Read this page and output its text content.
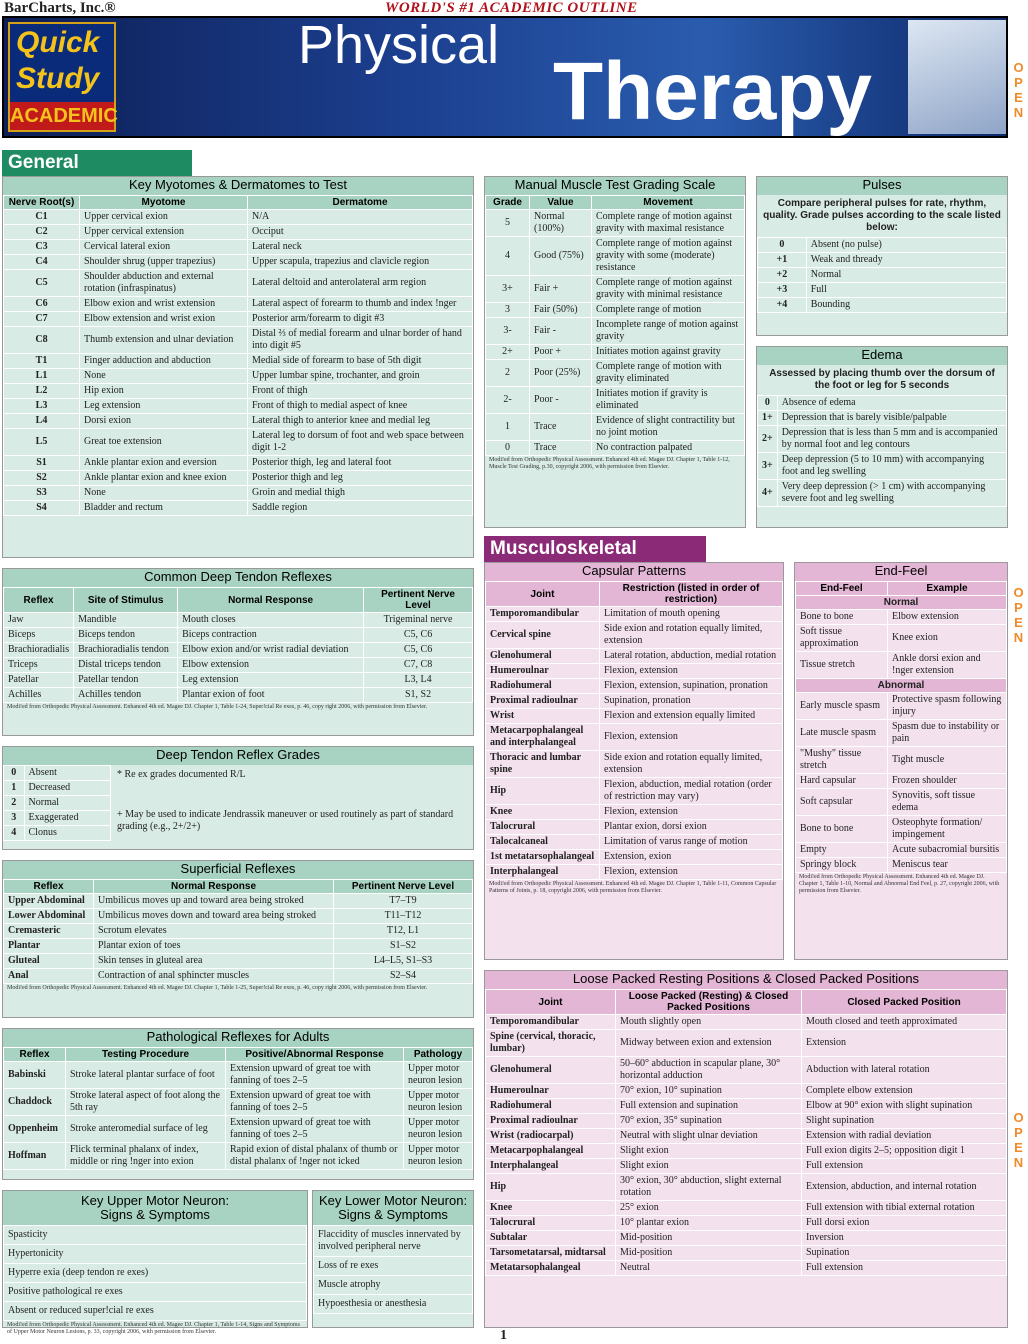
BarCharts, Inc.®	WORLD'S #1 ACADEMIC OUTLINE
Quick
Study
ACADEMIC
Physical
Therapy	OPEN
OPEN
OPEN
General
Musculoskeletal
Key Myotomes & Dermatomes to Test
Nerve Root(s)	Myotome	Dermatome
C1	Upper cervical exion	N/A
C2	Upper cervical extension	Occiput
C3	Cervical lateral exion	Lateral neck
C4	Shoulder shrug (upper trapezius)	Upper scapula, trapezius and clavicle region
C5	Shoulder abduction and external rotation (infraspinatus)	Lateral deltoid and anterolateral arm region
C6	Elbow exion and wrist extension	Lateral aspect of forearm to thumb and index !nger
C7	Elbow extension and wrist exion	Posterior arm/forearm to digit #3
C8	Thumb extension and ulnar deviation	Distal ⅔ of medial forearm and ulnar border of hand into digit #5
T1	Finger adduction and abduction	Medial side of forearm to base of 5th digit
L1	None	Upper lumbar spine, trochanter, and groin
L2	Hip exion	Front of thigh
L3	Leg extension	Front of thigh to medial aspect of knee
L4	Dorsi exion	Lateral thigh to anterior knee and medial leg
L5	Great toe extension	Lateral leg to dorsum of foot and web space between digit 1-2
S1	Ankle plantar exion and eversion	Posterior thigh, leg and lateral foot
S2	Ankle plantar exion and knee exion	Posterior thigh and leg
S3	None	Groin and medial thigh
S4	Bladder and rectum	Saddle region
Common Deep Tendon Reflexes
Reflex	Site of Stimulus	Normal Response	Pertinent Nerve Level
Jaw	Mandible	Mouth closes	Trigeminal nerve
Biceps	Biceps tendon	Biceps contraction	C5, C6
Brachioradialis	Brachioradialis tendon	Elbow exion and/or wrist radial deviation	C5, C6
Triceps	Distal triceps tendon	Elbow extension	C7, C8
Patellar	Patellar tendon	Leg extension	L3, L4
Achilles	Achilles tendon	Plantar exion of foot	S1, S2
Modi!ed from Orthopedic Physical Assessment. Enhanced 4th ed. Magee DJ. Chapter 1, Table 1-24, Super!cial Re exes, p. 46, copy right 2006, with permission from Elsevier.
Deep Tendon Reflex Grades
0	Absent
1	Decreased
2	Normal
3	Exaggerated
4	Clonus
* Re ex grades documented R/L
+ May be used to indicate Jendrassik maneuver or used routinely as part of standard grading (e.g., 2+/2+)
Superficial Reflexes
Reflex	Normal Response	Pertinent Nerve Level
Upper Abdominal	Umbilicus moves up and toward area being stroked	T7–T9
Lower Abdominal	Umbilicus moves down and toward area being stroked	T11–T12
Cremasteric	Scrotum elevates	T12, L1
Plantar	Plantar exion of toes	S1–S2
Gluteal	Skin tenses in gluteal area	L4–L5, S1–S3
Anal	Contraction of anal sphincter muscles	S2–S4
Modi!ed from Orthopedic Physical Assessment. Enhanced 4th ed. Magee DJ. Chapter 1, Table 1-25, Super!cial Re exes, p. 46, copy right 2006, with permission from Elsevier.
Pathological Reflexes for Adults
Reflex	Testing Procedure	Positive/Abnormal Response	Pathology
Babinski	Stroke lateral plantar surface of foot	Extension upward of great toe with fanning of toes 2–5	Upper motor neuron lesion
Chaddock	Stroke lateral aspect of foot along the 5th ray	Extension upward of great toe with fanning of toes 2–5	Upper motor neuron lesion
Oppenheim	Stroke anteromedial surface of leg	Extension upward of great toe with fanning of toes 2–5	Upper motor neuron lesion
Hoffman	Flick terminal phalanx of index, middle or ring !nger into exion	Rapid exion of distal phalanx of thumb or distal phalanx of !nger not icked	Upper motor neuron lesion
Key Upper Motor Neuron:
Signs & Symptoms
Spasticity
Hypertonicity
Hyperre exia (deep tendon re exes)
Positive pathological re exes
Absent or reduced super!cial re exes
Modi!ed from Orthopedic Physical Assessment. Enhanced 4th ed. Magee DJ. Chapter 1, Table 1-14, Signs and Symptoms of Upper Motor Neuron Lesions, p. 33, copyright 2006, with permission from Elsevier.
Key Lower Motor Neuron:
Signs & Symptoms
Flaccidity of muscles innervated by involved peripheral nerve
Loss of re exes
Muscle atrophy
Hypoesthesia or anesthesia
Manual Muscle Test Grading Scale
Grade	Value	Movement
5	Normal (100%)	Complete range of motion against gravity with maximal resistance
4	Good (75%)	Complete range of motion against gravity with some (moderate) resistance
3+	Fair +	Complete range of motion against gravity with minimal resistance
3	Fair (50%)	Complete range of motion
3-	Fair -	Incomplete range of motion against gravity
2+	Poor +	Initiates motion against gravity
2	Poor (25%)	Complete range of motion with gravity eliminated
2-	Poor -	Initiates motion if gravity is eliminated
1	Trace	Evidence of slight contractility but no joint motion
0	Trace	No contraction palpated
Modi!ed from Orthopedic Physical Assessment. Enhanced 4th ed. Magee DJ. Chapter 1, Table 1-12, Muscle Test Grading, p.30, copyright 2006, with permission from Elsevier.
Pulses
Compare peripheral pulses for rate, rhythm, quality. Grade pulses according to the scale listed below:
0	Absent (no pulse)
+1	Weak and thready
+2	Normal
+3	Full
+4	Bounding
Edema
Assessed by placing thumb over the dorsum of the foot or leg for 5 seconds
0	Absence of edema
1+	Depression that is barely visible/palpable
2+	Depression that is less than 5 mm and is accompanied by normal foot and leg contours
3+	Deep depression (5 to 10 mm) with accompanying foot and leg swelling
4+	Very deep depression (> 1 cm) with accompanying severe foot and leg swelling
Capsular Patterns
Joint	Restriction (listed in order of restriction)
Temporomandibular	Limitation of mouth opening
Cervical spine	Side exion and rotation equally limited, extension
Glenohumeral	Lateral rotation, abduction, medial rotation
Humeroulnar	Flexion, extension
Radiohumeral	Flexion, extension, supination, pronation
Proximal radioulnar	Supination, pronation
Wrist	Flexion and extension equally limited
Metacarpophalangeal and interphalangeal	Flexion, extension
Thoracic and lumbar spine	Side exion and rotation equally limited, extension
Hip	Flexion, abduction, medial rotation (order of restriction may vary)
Knee	Flexion, extension
Talocrural	Plantar exion, dorsi exion
Talocalcaneal	Limitation of varus range of motion
1st metatarsophalangeal	Extension, exion
Interphalangeal	Flexion, extension
Modi!ed from Orthopedic Physical Assessment. Enhanced 4th ed. Magee DJ. Chapter 1, Table 1-11, Common Capsular Patterns of Joints, p. 18, copyright 2006, with permission from Elsevier.
End-Feel
End-Feel	Example
Normal	
Bone to bone	Elbow extension
Soft tissue approximation	Knee exion
Tissue stretch	Ankle dorsi exion and !nger extension
Abnormal	
Early muscle spasm	Protective spasm following injury
Late muscle spasm	Spasm due to instability or pain
"Mushy" tissue stretch	Tight muscle
Hard capsular	Frozen shoulder
Soft capsular	Synovitis, soft tissue edema
Bone to bone	Osteophyte formation/ impingement
Empty	Acute subacromial bursitis
Springy block	Meniscus tear
Modi!ed from Orthopedic Physical Assessment. Enhanced 4th ed. Magee DJ. Chapter 1, Table 1-10, Normal and Abnormal End Feel, p. 27, copyright 2006, with permission from Elsevier.
Loose Packed Resting Positions & Closed Packed Positions
Joint	Loose Packed (Resting) & Closed Packed Positions	Closed Packed Position
Temporomandibular	Mouth slightly open	Mouth closed and teeth approximated
Spine (cervical, thoracic, lumbar)	Midway between exion and extension	Extension
Glenohumeral	50–60° abduction in scapular plane, 30° horizontal adduction	Abduction with lateral rotation
Humeroulnar	70° exion, 10° supination	Complete elbow extension
Radiohumeral	Full extension and supination	Elbow at 90° exion with slight supination
Proximal radioulnar	70° exion, 35° supination	Slight supination
Wrist (radiocarpal)	Neutral with slight ulnar deviation	Extension with radial deviation
Metacarpophalangeal	Slight exion	Full exion digits 2–5; opposition digit 1
Interphalangeal	Slight exion	Full extension
Hip	30° exion, 30° abduction, slight external rotation	Extension, abduction, and internal rotation
Knee	25° exion	Full extension with tibial external rotation
Talocrural	10° plantar exion	Full dorsi exion
Subtalar	Mid-position	Inversion
Tarsometatarsal, midtarsal	Mid-position	Supination
Metatarsophalangeal	Neutral	Full extension
1
